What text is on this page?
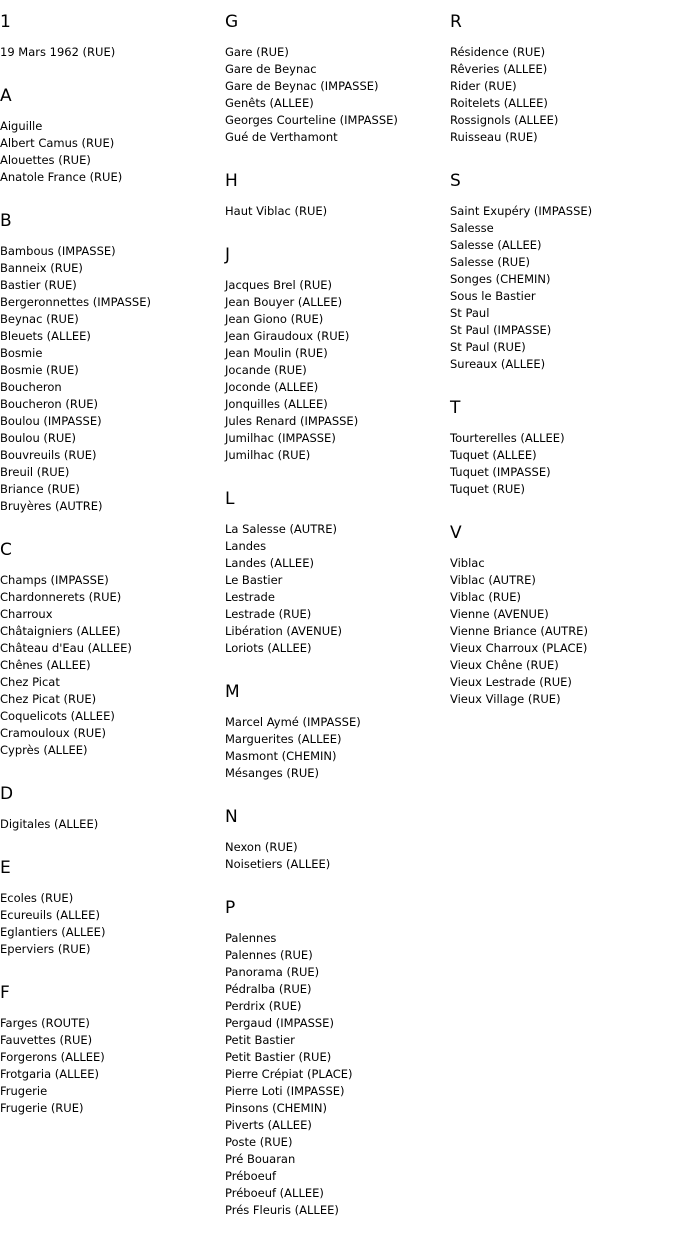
1
19 Mars 1962 (RUE)
A
Aiguille
Albert Camus (RUE)
Alouettes (RUE)
Anatole France (RUE)
B
Bambous (IMPASSE)
Banneix (RUE)
Bastier (RUE)
Bergeronnettes (IMPASSE)
Beynac (RUE)
Bleuets (ALLEE)
Bosmie
Bosmie (RUE)
Boucheron
Boucheron (RUE)
Boulou (IMPASSE)
Boulou (RUE)
Bouvreuils (RUE)
Breuil (RUE)
Briance (RUE)
Bruyères (AUTRE)
C
Champs (IMPASSE)
Chardonnerets (RUE)
Charroux
Châtaigniers (ALLEE)
Château d'Eau (ALLEE)
Chênes (ALLEE)
Chez Picat
Chez Picat (RUE)
Coquelicots (ALLEE)
Cramouloux (RUE)
Cyprès (ALLEE)
D
Digitales (ALLEE)
E
Ecoles (RUE)
Ecureuils (ALLEE)
Eglantiers (ALLEE)
Eperviers (RUE)
F
Farges (ROUTE)
Fauvettes (RUE)
Forgerons (ALLEE)
Frotgaria (ALLEE)
Frugerie
Frugerie (RUE)
G
Gare (RUE)
Gare de Beynac
Gare de Beynac (IMPASSE)
Genêts (ALLEE)
Georges Courteline (IMPASSE)
Gué de Verthamont
H
Haut Viblac (RUE)
J
Jacques Brel (RUE)
Jean Bouyer (ALLEE)
Jean Giono (RUE)
Jean Giraudoux (RUE)
Jean Moulin (RUE)
Jocande (RUE)
Joconde (ALLEE)
Jonquilles (ALLEE)
Jules Renard (IMPASSE)
Jumilhac (IMPASSE)
Jumilhac (RUE)
L
La Salesse (AUTRE)
Landes
Landes (ALLEE)
Le Bastier
Lestrade
Lestrade (RUE)
Libération (AVENUE)
Loriots (ALLEE)
M
Marcel Aymé (IMPASSE)
Marguerites (ALLEE)
Masmont (CHEMIN)
Mésanges (RUE)
N
Nexon (RUE)
Noisetiers (ALLEE)
P
Palennes
Palennes (RUE)
Panorama (RUE)
Pédralba (RUE)
Perdrix (RUE)
Pergaud (IMPASSE)
Petit Bastier
Petit Bastier (RUE)
Pierre Crépiat (PLACE)
Pierre Loti (IMPASSE)
Pinsons (CHEMIN)
Piverts (ALLEE)
Poste (RUE)
Pré Bouaran
Préboeuf
Préboeuf (ALLEE)
Prés Fleuris (ALLEE)
R
Résidence (RUE)
Rêveries (ALLEE)
Rider (RUE)
Roitelets (ALLEE)
Rossignols (ALLEE)
Ruisseau (RUE)
S
Saint Exupéry (IMPASSE)
Salesse
Salesse (ALLEE)
Salesse (RUE)
Songes (CHEMIN)
Sous le Bastier
St Paul
St Paul (IMPASSE)
St Paul (RUE)
Sureaux (ALLEE)
T
Tourterelles (ALLEE)
Tuquet (ALLEE)
Tuquet (IMPASSE)
Tuquet (RUE)
V
Viblac
Viblac (AUTRE)
Viblac (RUE)
Vienne (AVENUE)
Vienne Briance (AUTRE)
Vieux Charroux (PLACE)
Vieux Chêne (RUE)
Vieux Lestrade (RUE)
Vieux Village (RUE)
